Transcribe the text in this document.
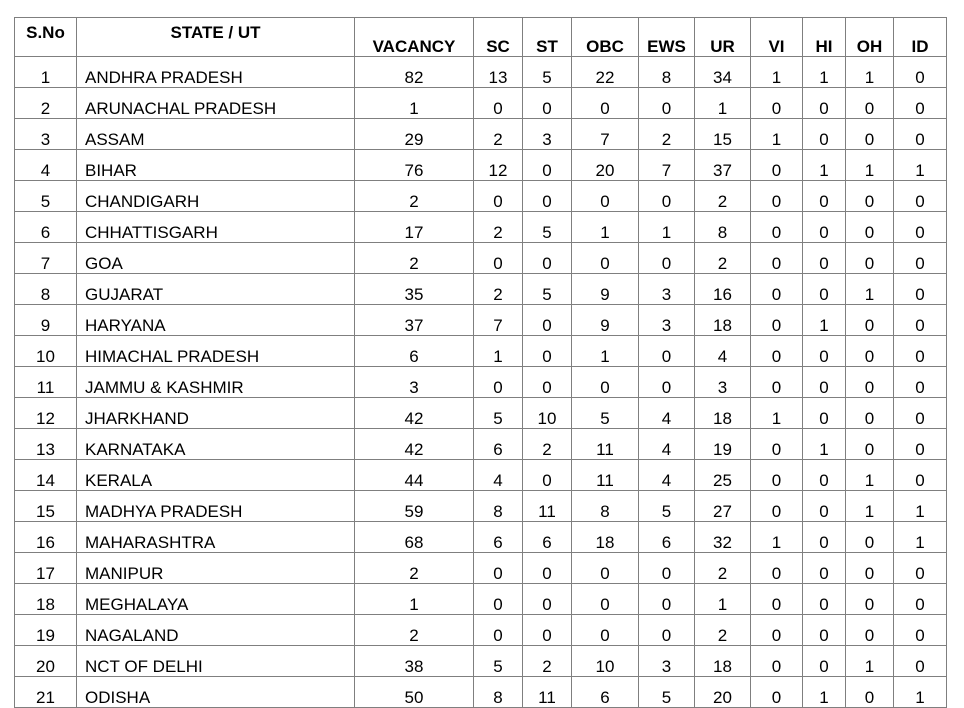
S.No	STATE / UT	VACANCY	SC	ST	OBC	EWS	UR	VI	HI	OH	ID
1	ANDHRA PRADESH	82	13	5	22	8	34	1	1	1	0
2	ARUNACHAL PRADESH	1	0	0	0	0	1	0	0	0	0
3	ASSAM	29	2	3	7	2	15	1	0	0	0
4	BIHAR	76	12	0	20	7	37	0	1	1	1
5	CHANDIGARH	2	0	0	0	0	2	0	0	0	0
6	CHHATTISGARH	17	2	5	1	1	8	0	0	0	0
7	GOA	2	0	0	0	0	2	0	0	0	0
8	GUJARAT	35	2	5	9	3	16	0	0	1	0
9	HARYANA	37	7	0	9	3	18	0	1	0	0
10	HIMACHAL PRADESH	6	1	0	1	0	4	0	0	0	0
11	JAMMU & KASHMIR	3	0	0	0	0	3	0	0	0	0
12	JHARKHAND	42	5	10	5	4	18	1	0	0	0
13	KARNATAKA	42	6	2	11	4	19	0	1	0	0
14	KERALA	44	4	0	11	4	25	0	0	1	0
15	MADHYA PRADESH	59	8	11	8	5	27	0	0	1	1
16	MAHARASHTRA	68	6	6	18	6	32	1	0	0	1
17	MANIPUR	2	0	0	0	0	2	0	0	0	0
18	MEGHALAYA	1	0	0	0	0	1	0	0	0	0
19	NAGALAND	2	0	0	0	0	2	0	0	0	0
20	NCT OF DELHI	38	5	2	10	3	18	0	0	1	0
21	ODISHA	50	8	11	6	5	20	0	1	0	1
